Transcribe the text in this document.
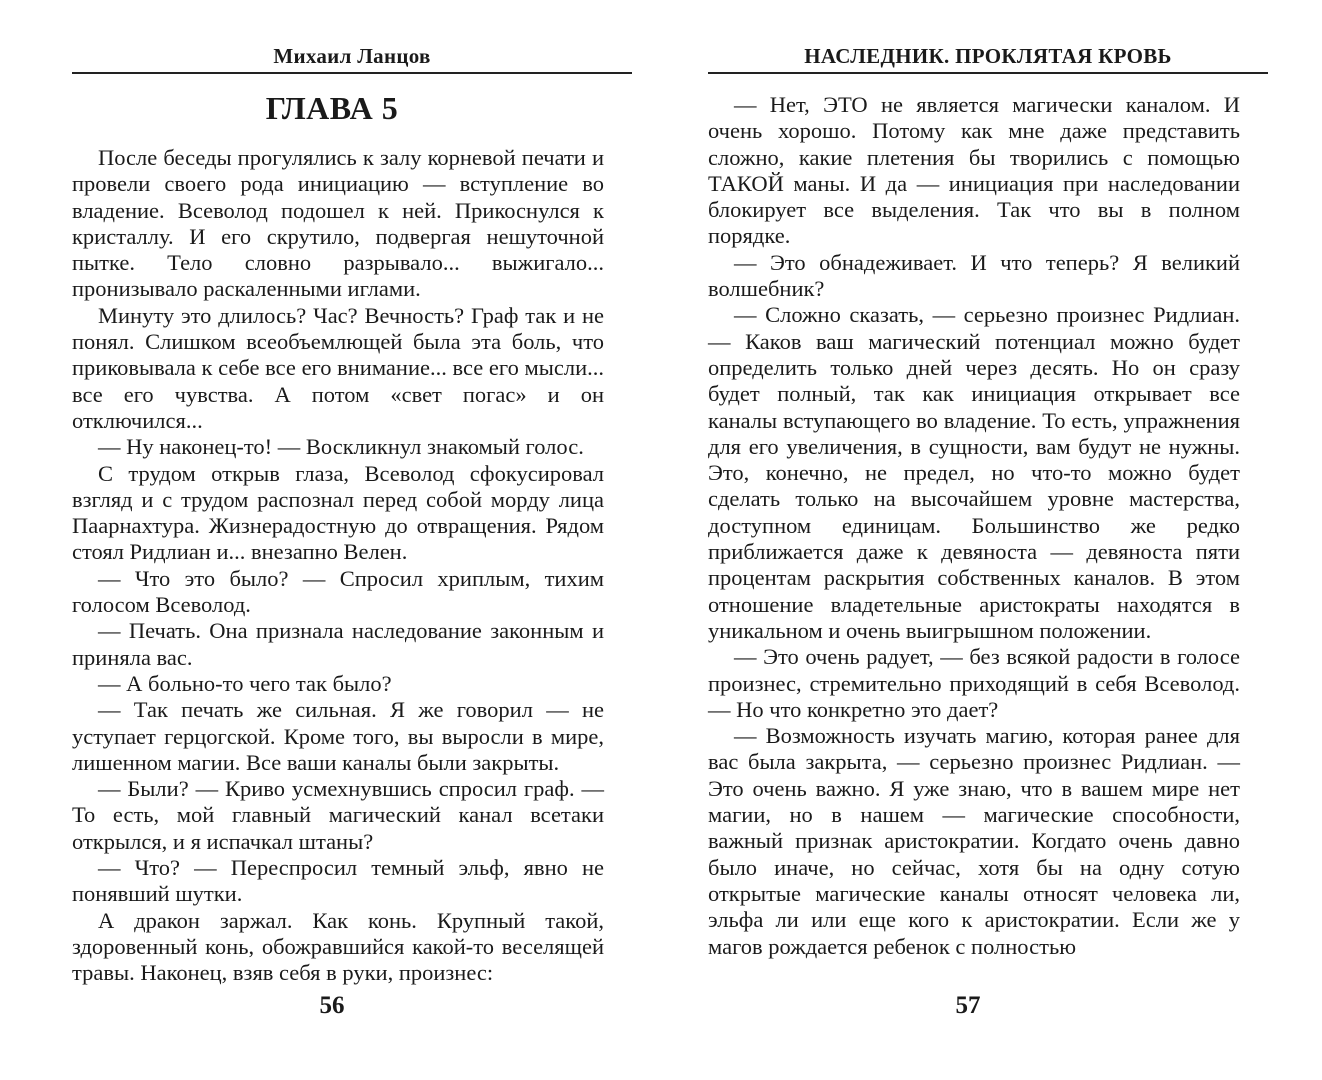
Михаил Ланцов
ГЛАВА 5

После беседы прогулялись к залу корневой печати и провели своего рода инициацию — вступление во владение. Всеволод подошел к ней. Прикоснулся к кристаллу. И его скрутило, подвергая нешуточной пытке. Тело словно разрывало... выжигало... пронизывало раскаленными иглами.

Минуту это длилось? Час? Вечность? Граф так и не понял. Слишком всеобъемлющей была эта боль, что приковывала к себе все его внимание... все его мысли... все его чувства. А потом «свет погас» и он отключился...

— Ну наконец-то! — Воскликнул знакомый голос.

С трудом открыв глаза, Всеволод сфокусировал взгляд и с трудом распознал перед собой морду лица Паарнахтура. Жизнерадостную до отвращения. Рядом стоял Ридлиан и... внезапно Велен.

— Что это было? — Спросил хриплым, тихим голосом Всеволод.

— Печать. Она признала наследование законным и приняла вас.

— А больно-то чего так было?

— Так печать же сильная. Я же говорил — не уступает герцогской. Кроме того, вы выросли в мире, лишенном магии. Все ваши каналы были закрыты.

— Были? — Криво усмехнувшись спросил граф. — То есть, мой главный магический канал всетаки открылся, и я испачкал штаны?

— Что? — Переспросил темный эльф, явно не понявший шутки.

А дракон заржал. Как конь. Крупный такой, здоровенный конь, обожравшийся какой-то веселящей травы. Наконец, взяв себя в руки, произнес:

56
НАСЛЕДНИК. ПРОКЛЯТАЯ КРОВЬ

— Нет, ЭТО не является магически каналом. И очень хорошо. Потому как мне даже представить сложно, какие плетения бы творились с помощью ТАКОЙ маны. И да — инициация при наследовании блокирует все выделения. Так что вы в полном порядке.

— Это обнадеживает. И что теперь? Я великий волшебник?

— Сложно сказать, — серьезно произнес Ридлиан. — Каков ваш магический потенциал можно будет определить только дней через десять. Но он сразу будет полный, так как инициация открывает все каналы вступающего во владение. То есть, упражнения для его увеличения, в сущности, вам будут не нужны. Это, конечно, не предел, но что-то можно будет сделать только на высочайшем уровне мастерства, доступном единицам. Большинство же редко приближается даже к девяноста — девяноста пяти процентам раскрытия собственных каналов. В этом отношение владетельные аристократы находятся в уникальном и очень выигрышном положении.

— Это очень радует, — без всякой радости в голосе произнес, стремительно приходящий в себя Всеволод. — Но что конкретно это дает?

— Возможность изучать магию, которая ранее для вас была закрыта, — серьезно произнес Ридлиан. — Это очень важно. Я уже знаю, что в вашем мире нет магии, но в нашем — магические способности, важный признак аристократии. Когдато очень давно было иначе, но сейчас, хотя бы на одну сотую открытые магические каналы относят человека ли, эльфа ли или еще кого к аристократии. Если же у магов рождается ребенок с полностью

57
